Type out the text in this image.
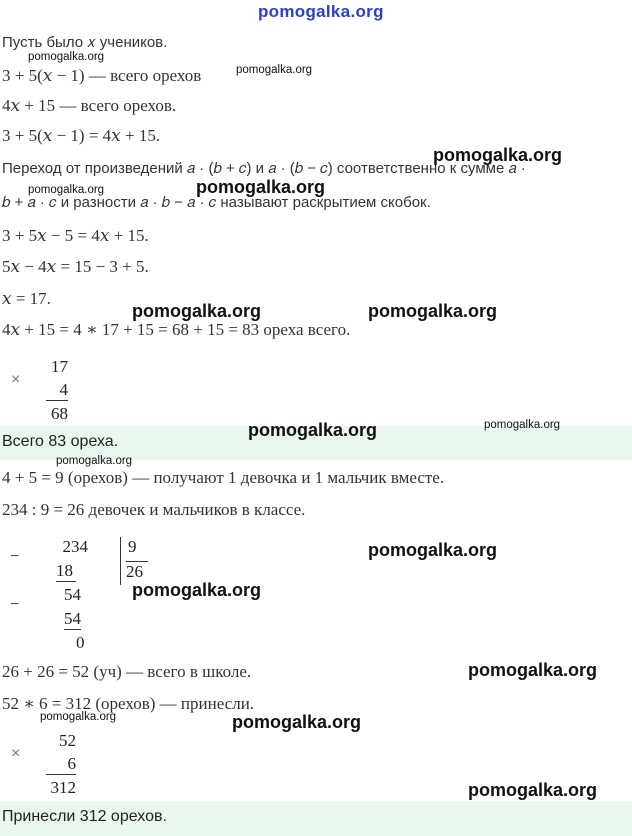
pomogalka.org
pomogalka.org
pomogalka.org
pomogalka.org
pomogalka.org	pomogalka.org
pomogalka.org	pomogalka.org
Пусть было 𝑥 учеников.
3 + 5(𝑥 − 1) — всего орехов
4𝑥 + 15 — всего орехов.
3 + 5(𝑥 − 1) = 4𝑥 + 15.
Переход от произведений 𝑎 · (𝑏 + 𝑐) и 𝑎 · (𝑏 − 𝑐) соответственно к сумме 𝑎 ·
𝑏 + 𝑎 · 𝑐 и разности 𝑎 · 𝑏 − 𝑎 · 𝑐 называют раскрытием скобок.
3 + 5𝑥 − 5 = 4𝑥 + 15.
5𝑥 − 4𝑥 = 15 − 3 + 5.
𝑥 = 17.
4𝑥 + 15 = 4 ∗ 17 + 15 = 68 + 15 = 83 ореха всего.
×
17
4
68
Всего 83 ореха.
pomogalka.org	pomogalka.org
pomogalka.org
4 + 5 = 9 (орехов) — получают 1 девочка и 1 мальчик вместе.
234 : 9 = 26 девочек и мальчиков в классе.
−
234
18
9
26
−
54
54
0
pomogalka.org
pomogalka.org
26 + 26 = 52 (уч) — всего в школе.	pomogalka.org
52 ∗ 6 = 312 (орехов) — принесли.
pomogalka.org	pomogalka.org
×
52
6
312	pomogalka.org
Принесли 312 орехов.
